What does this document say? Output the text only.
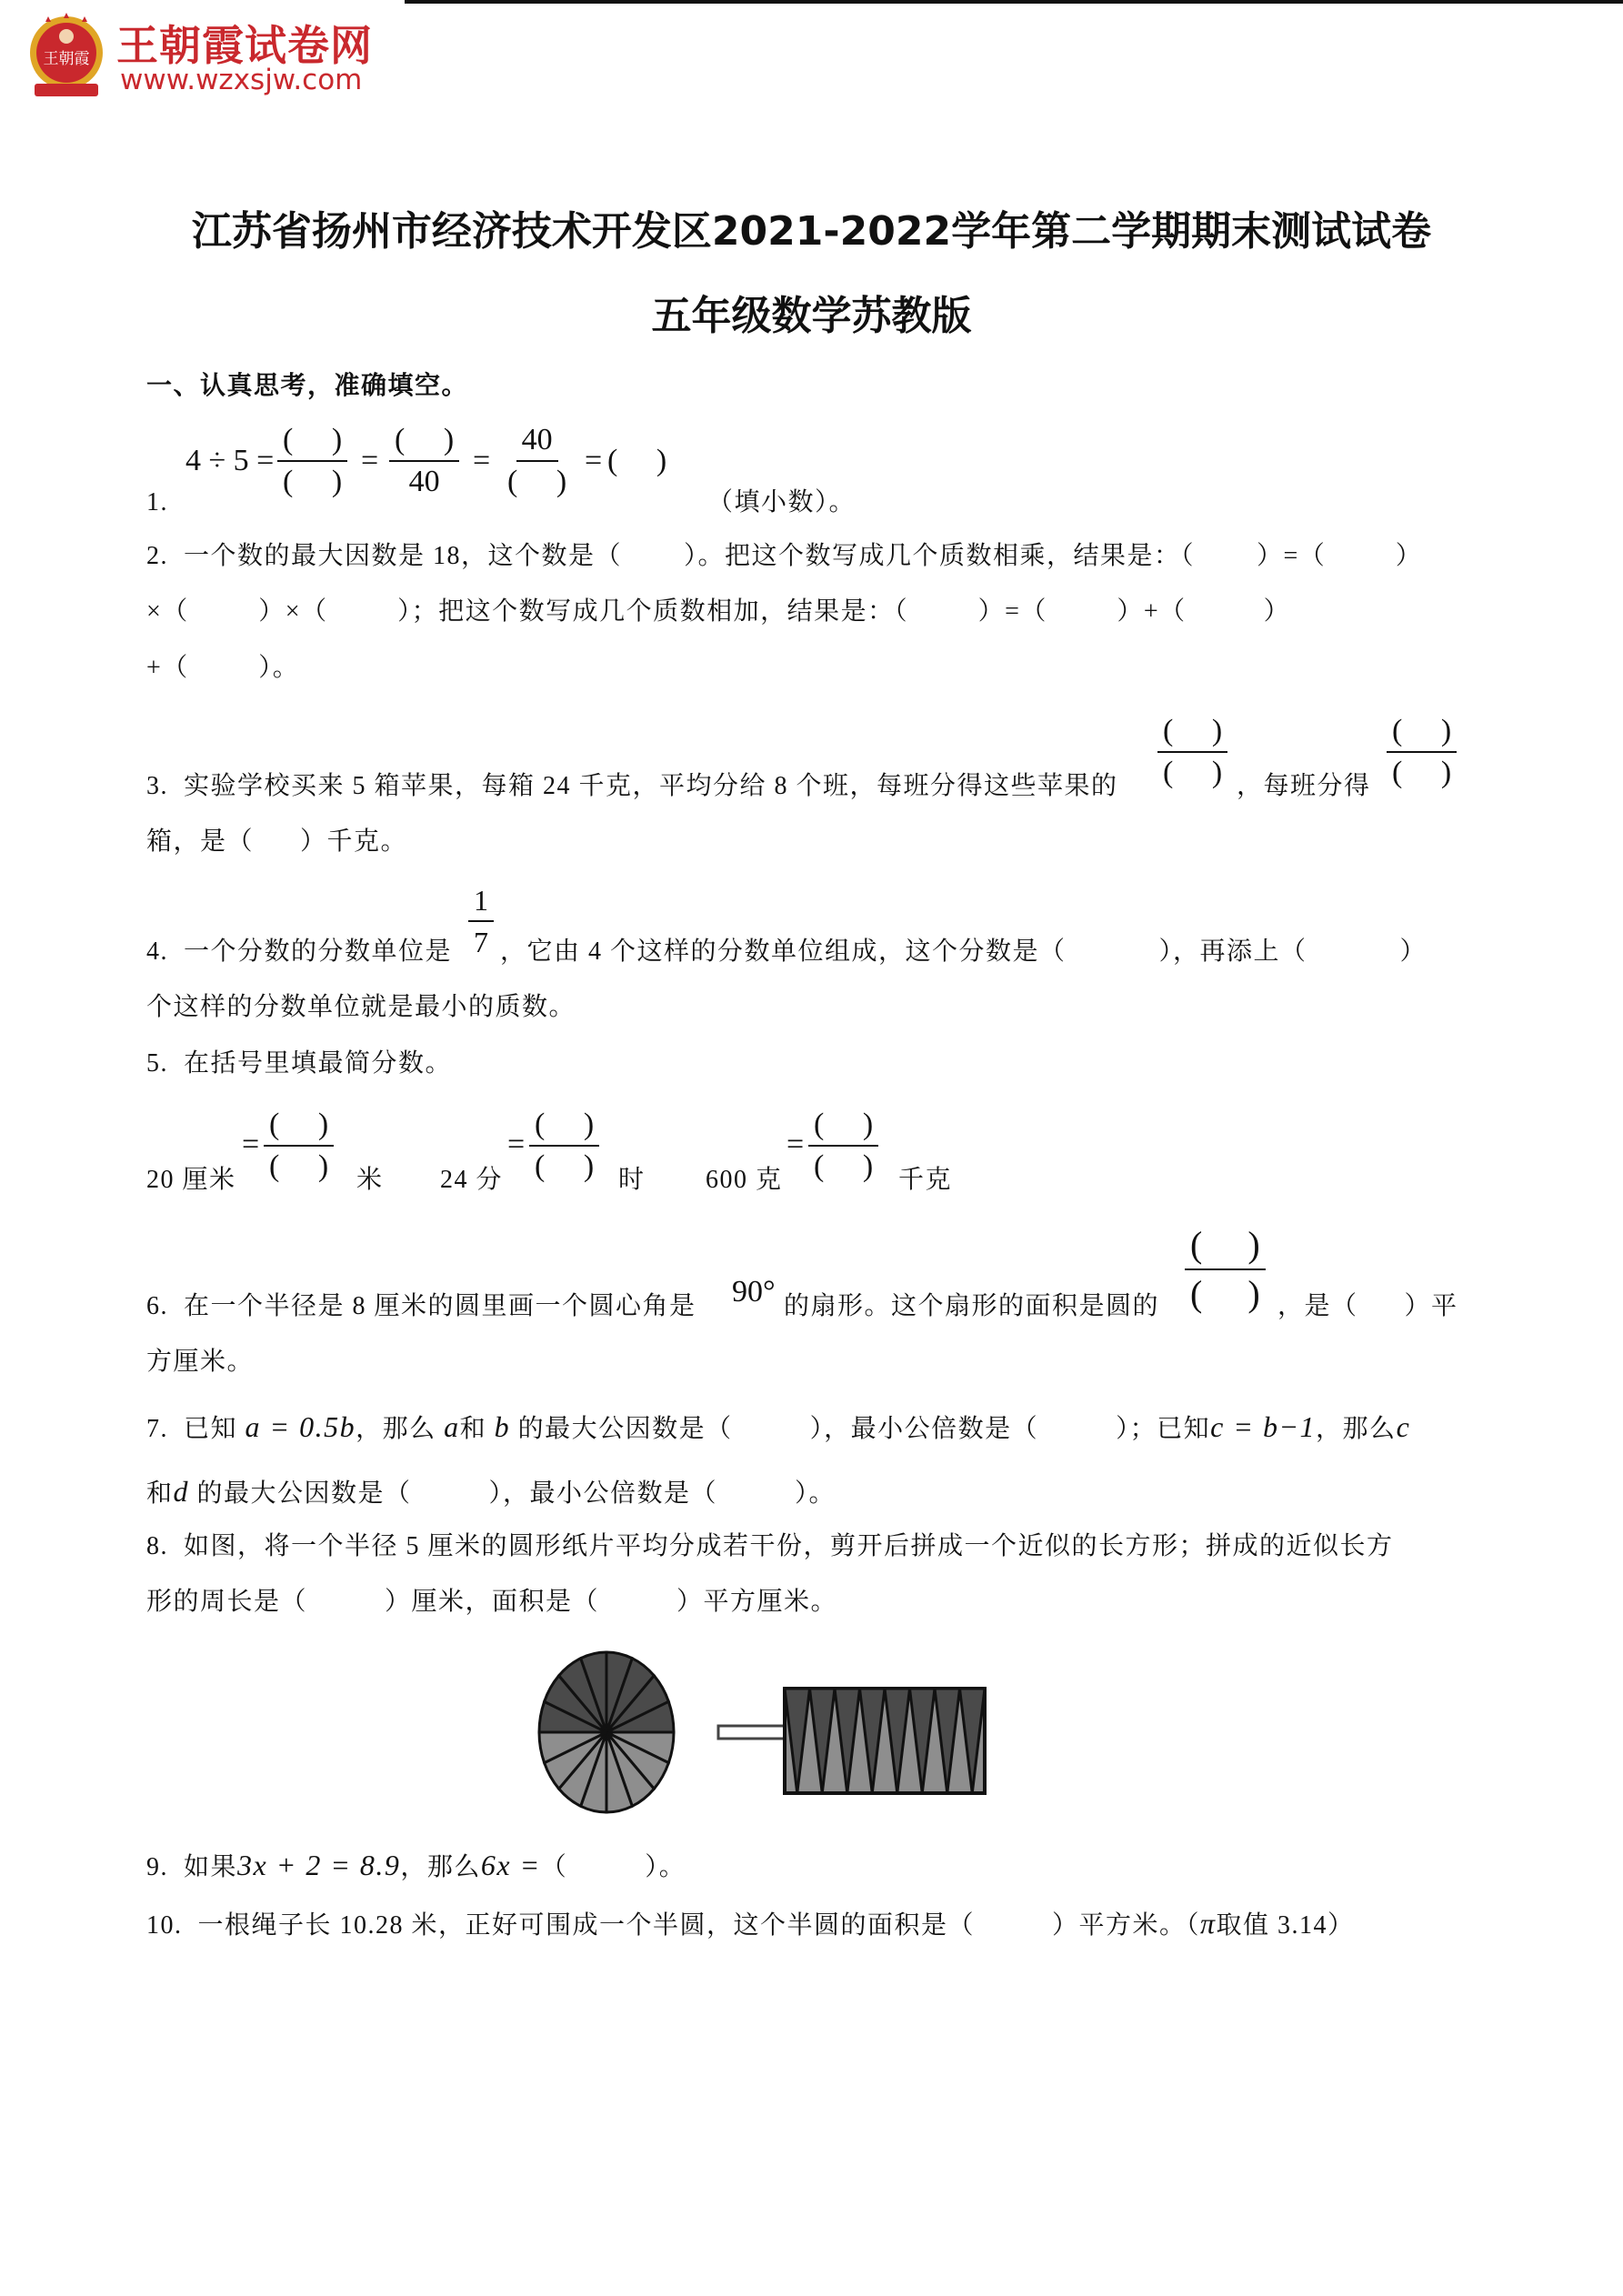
王朝霞 王朝霞试卷网
www.wzxsjw.com
江苏省扬州市经济技术开发区2021-2022学年第二学期期末测试试卷
五年级数学苏教版
一、认真思考，准确填空。
1.
4 ÷ 5 =
(     )
(     )
=
(     )
40
=
40
(     )
= (     )
（填小数）。
2.  一个数的最大因数是 18，这个数是（        ）。把这个数写成几个质数相乘，结果是：（        ）=（         ）
×（         ）×（         ）；把这个数写成几个质数相加，结果是：（         ）=（         ）+（          ）
+（         ）。
3.  实验学校买来 5 箱苹果，每箱 24 千克，平均分给 8 个班，每班分得这些苹果的
(     )
(     ) ，每班分得
(     )
(     )
箱，是（      ）千克。
4.  一个分数的分数单位是 $\frac{1}{7}$ ，它由 4 个这样的分数单位组成，这个分数是（            ），再添上（            ）
个这样的分数单位就是最小的质数。
5.  在括号里填最简分数。
20 厘米
=
(     )
(     ) 米 24 分
=
(     )
(     ) 时 600 克
=
(     )
(     ) 千克
6.  在一个半径是 8 厘米的圆里画一个圆心角是 90° 的扇形。这个扇形的面积是圆的
(     )
(     ) ，是（      ）平
方厘米。
7.  已知 a = 0.5b，那么 a和 b 的最大公因数是（          ），最小公倍数是（          ）；已知c = b−1，那么c
和d 的最大公因数是（          ），最小公倍数是（          ）。
8.  如图，将一个半径 5 厘米的圆形纸片平均分成若干份，剪开后拼成一个近似的长方形；拼成的近似长方
形的周长是（          ）厘米，面积是（          ）平方厘米。
9.  如果3x + 2 = 8.9，那么6x =（          ）。
10.  一根绳子长 10.28 米，正好可围成一个半圆，这个半圆的面积是（          ）平方米。（π取值 3.14）
